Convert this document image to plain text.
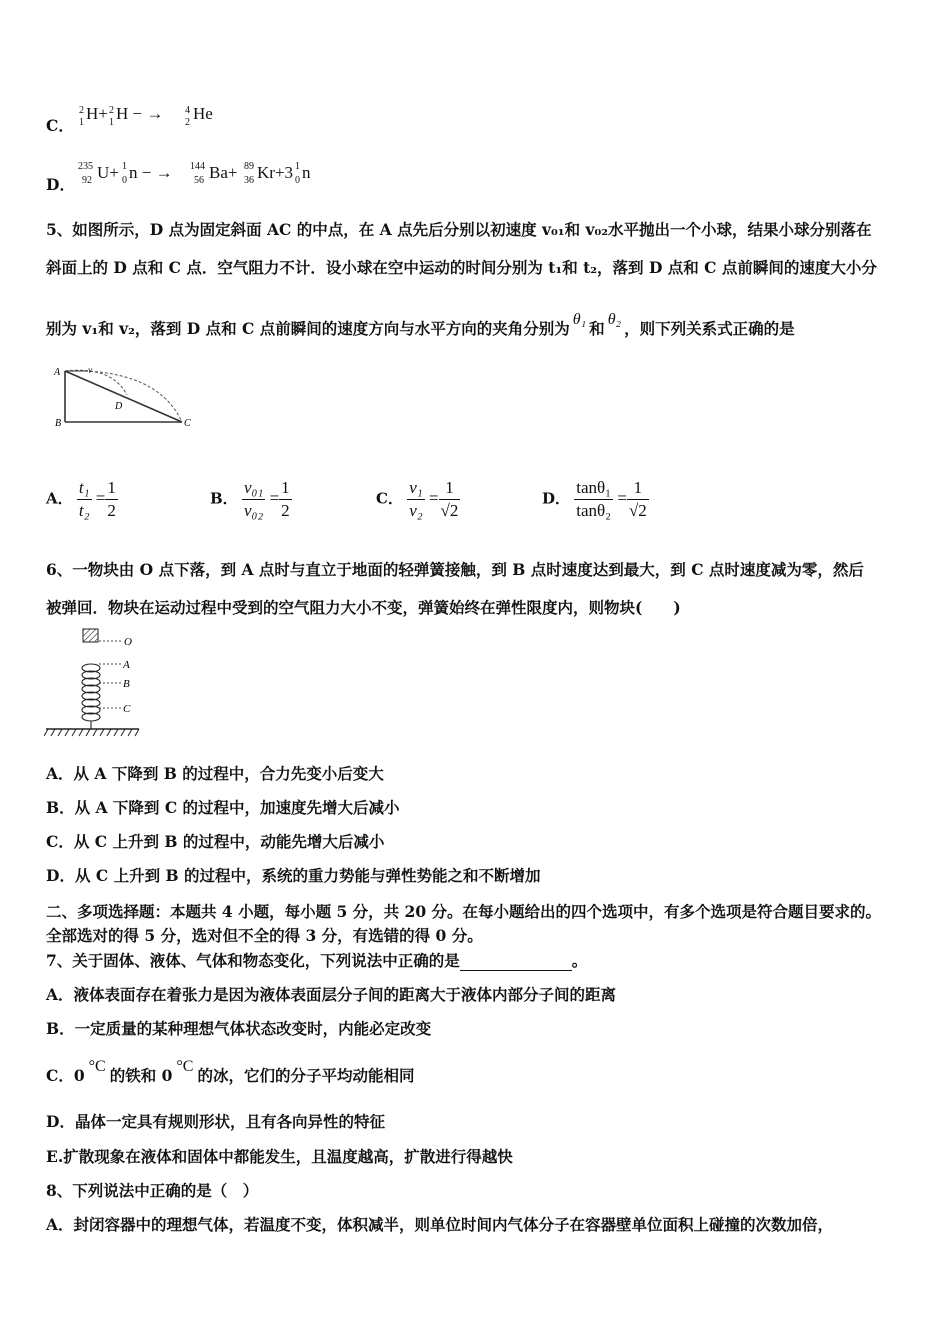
C．
2
1 H+ 2
1 H − → 4
2 He
D．
235
92 U+ 1
0 n − → 144
56 Ba+ 89
36 Kr+3 1
0 n
5、如图所示，D 点为固定斜面 AC 的中点，在 A 点先后分别以初速度 v₀₁和 v₀₂水平抛出一个小球，结果小球分别落在
斜面上的 D 点和 C 点．空气阻力不计．设小球在空中运动的时间分别为 t₁和 t₂，落到 D 点和 C 点前瞬间的速度大小分
别为 v₁和 v₂，落到 D 点和 C 点前瞬间的速度方向与水平方向的夹角分别为 θ₁ 和 θ₂ ，则下列关系式正确的是
A	v
D
B	C
A． $\frac{\text{t₁}}{\text{t₂}} = \frac{1}{2}$	B． $\frac{\text{v₀₁}}{\text{v₀₂}} = \frac{1}{2}$	C． $\frac{\text{v₁}}{\text{v₂}} = \frac{1}{√2}$	D． $\frac{\text{tanθ₁}}{\text{tanθ₂}} = \frac{1}{√2}$
6、一物块由 O 点下落，到 A 点时与直立于地面的轻弹簧接触，到 B 点时速度达到最大，到 C 点时速度减为零，然后
被弹回．物块在运动过程中受到的空气阻力大小不变，弹簧始终在弹性限度内，则物块(　　)
O
A
B
C
A．从 A 下降到 B 的过程中，合力先变小后变大
B．从 A 下降到 C 的过程中，加速度先增大后减小
C．从 C 上升到 B 的过程中，动能先增大后减小
D．从 C 上升到 B 的过程中，系统的重力势能与弹性势能之和不断增加
二、多项选择题：本题共 4 小题，每小题 5 分，共 20 分。在每小题给出的四个选项中，有多个选项是符合题目要求的。
全部选对的得 5 分，选对但不全的得 3 分，有选错的得 0 分。
7、关于固体、液体、气体和物态变化，下列说法中正确的是	。
A．液体表面存在着张力是因为液体表面层分子间的距离大于液体内部分子间的距离
B．一定质量的某种理想气体状态改变时，内能必定改变
C．0 °C 的铁和 0 °C 的冰，它们的分子平均动能相同
D．晶体一定具有规则形状，且有各向异性的特征
E.扩散现象在液体和固体中都能发生，且温度越高，扩散进行得越快
8、下列说法中正确的是（　）
A．封闭容器中的理想气体，若温度不变，体积减半，则单位时间内气体分子在容器壁单位面积上碰撞的次数加倍，
